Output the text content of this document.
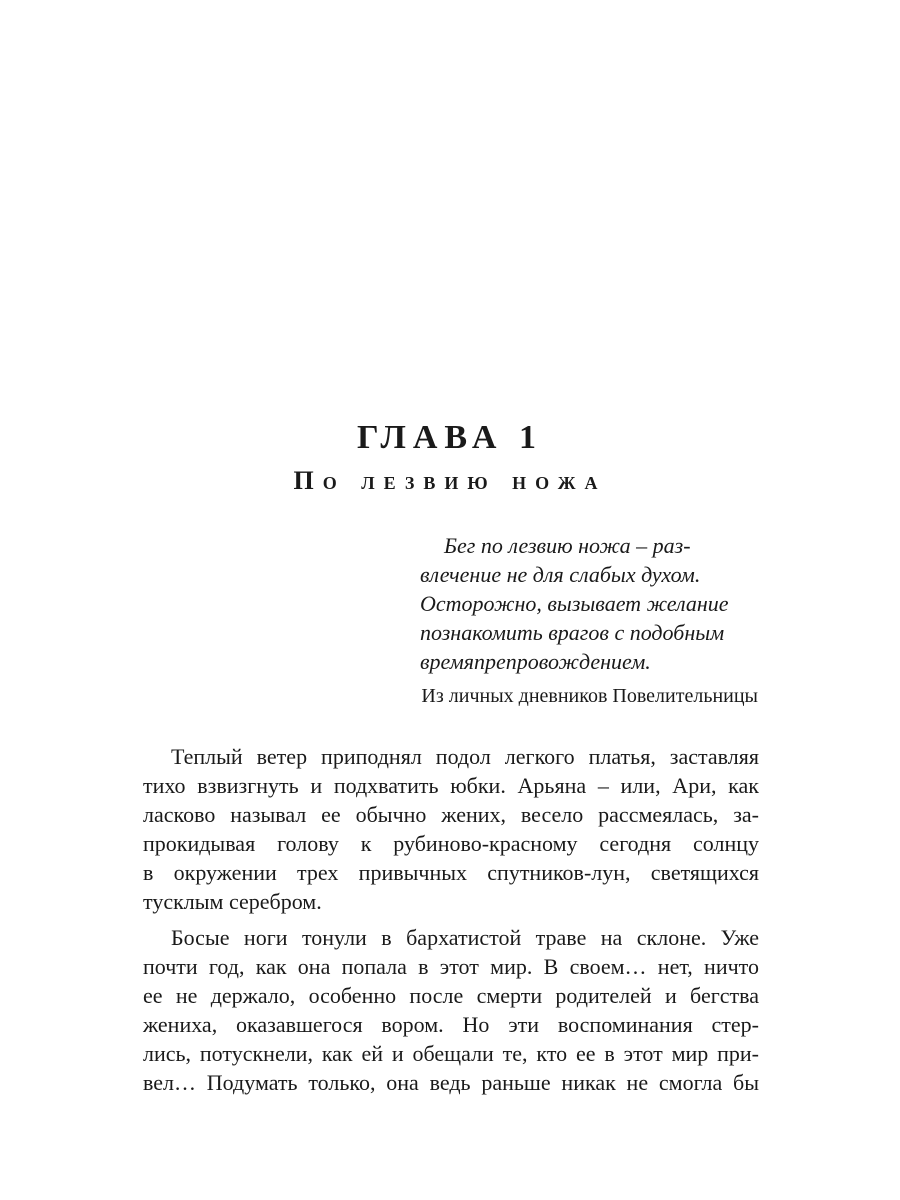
ГЛАВА 1
По лезвию ножа
Бег по лезвию ножа – раз-
влечение не для слабых духом.
Осторожно, вызывает желание
познакомить врагов с подобным
времяпрепровождением.
Из личных дневников Повелительницы

Теплый ветер приподнял подол легкого платья, заставляя
тихо взвизгнуть и подхватить юбки. Арьяна – или, Ари, как
ласково называл ее обычно жених, весело рассмеялась, за-
прокидывая голову к рубиново-красному сегодня солнцу
в окружении трех привычных спутников-лун, светящихся
тусклым серебром.

Босые ноги тонули в бархатистой траве на склоне. Уже
почти год, как она попала в этот мир. В своем… нет, ничто
ее не держало, особенно после смерти родителей и бегства
жениха, оказавшегося вором. Но эти воспоминания стер-
лись, потускнели, как ей и обещали те, кто ее в этот мир при-
вел… Подумать только, она ведь раньше никак не смогла бы
